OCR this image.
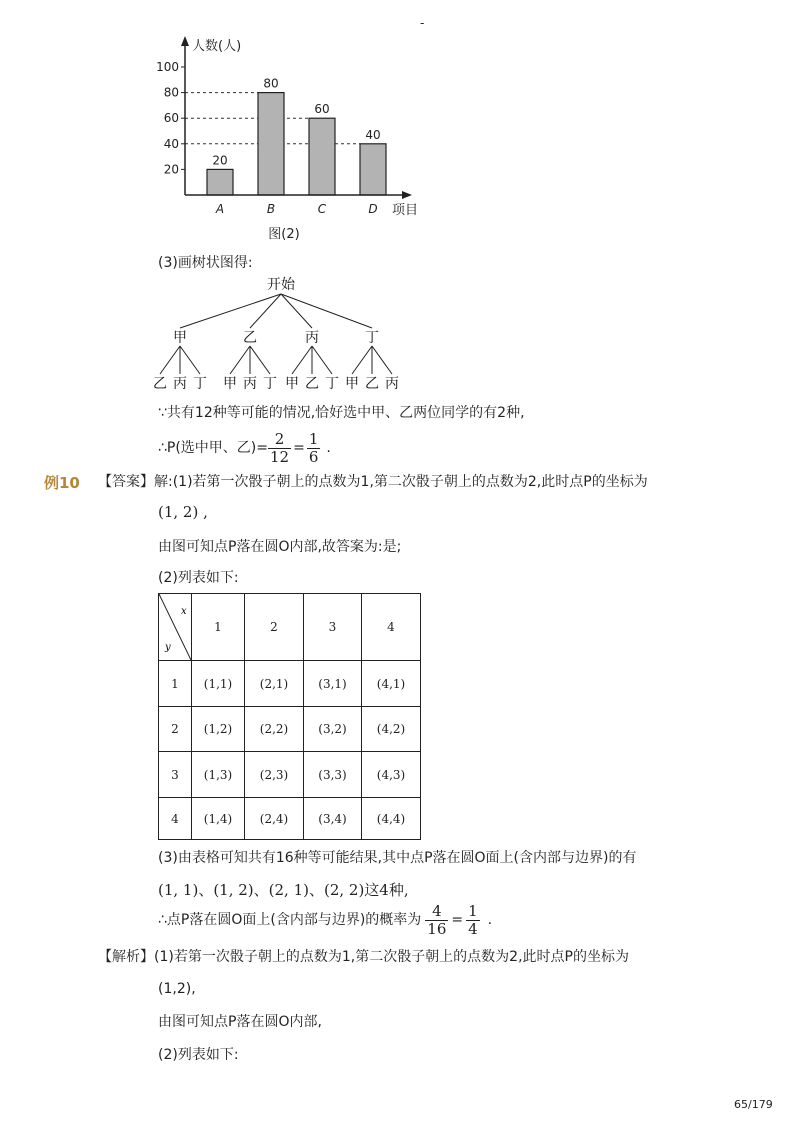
-
20
40
60
80
100
20
A
80
B
60
C
40
D
人数(人)
项目
图(2)
(3)画树状图得:
开始
甲
乙 丙 丁
乙
甲 丙 丁
丙
甲 乙 丁
丁
甲 乙 丙
∵共有12种等可能的情况,恰好选中甲、乙两位同学的有2种,
∴P(选中甲、乙)= $\frac{2}{12} = \frac{1}{6}$ .
例10 【答案】解:(1)若第一次骰子朝上的点数为1,第二次骰子朝上的点数为2,此时点P的坐标为
(1, 2) ,
由图可知点P落在圆O内部,故答案为:是;
(2)列表如下:
x
y	1	2	3	4
1	(1,1)	(2,1)	(3,1)	(4,1)
2	(1,2)	(2,2)	(3,2)	(4,2)
3	(1,3)	(2,3)	(3,3)	(4,3)
4	(1,4)	(2,4)	(3,4)	(4,4)
(3)由表格可知共有16种等可能结果,其中点P落在圆O面上(含内部与边界)的有
(1, 1)、(1, 2)、(2, 1)、(2, 2)这4种,
∴点P落在圆O面上(含内部与边界)的概率为 $\frac{4}{16} = \frac{1}{4}$ .
【解析】(1)若第一次骰子朝上的点数为1,第二次骰子朝上的点数为2,此时点P的坐标为
(1,2),
由图可知点P落在圆O内部,
(2)列表如下:
65/179
